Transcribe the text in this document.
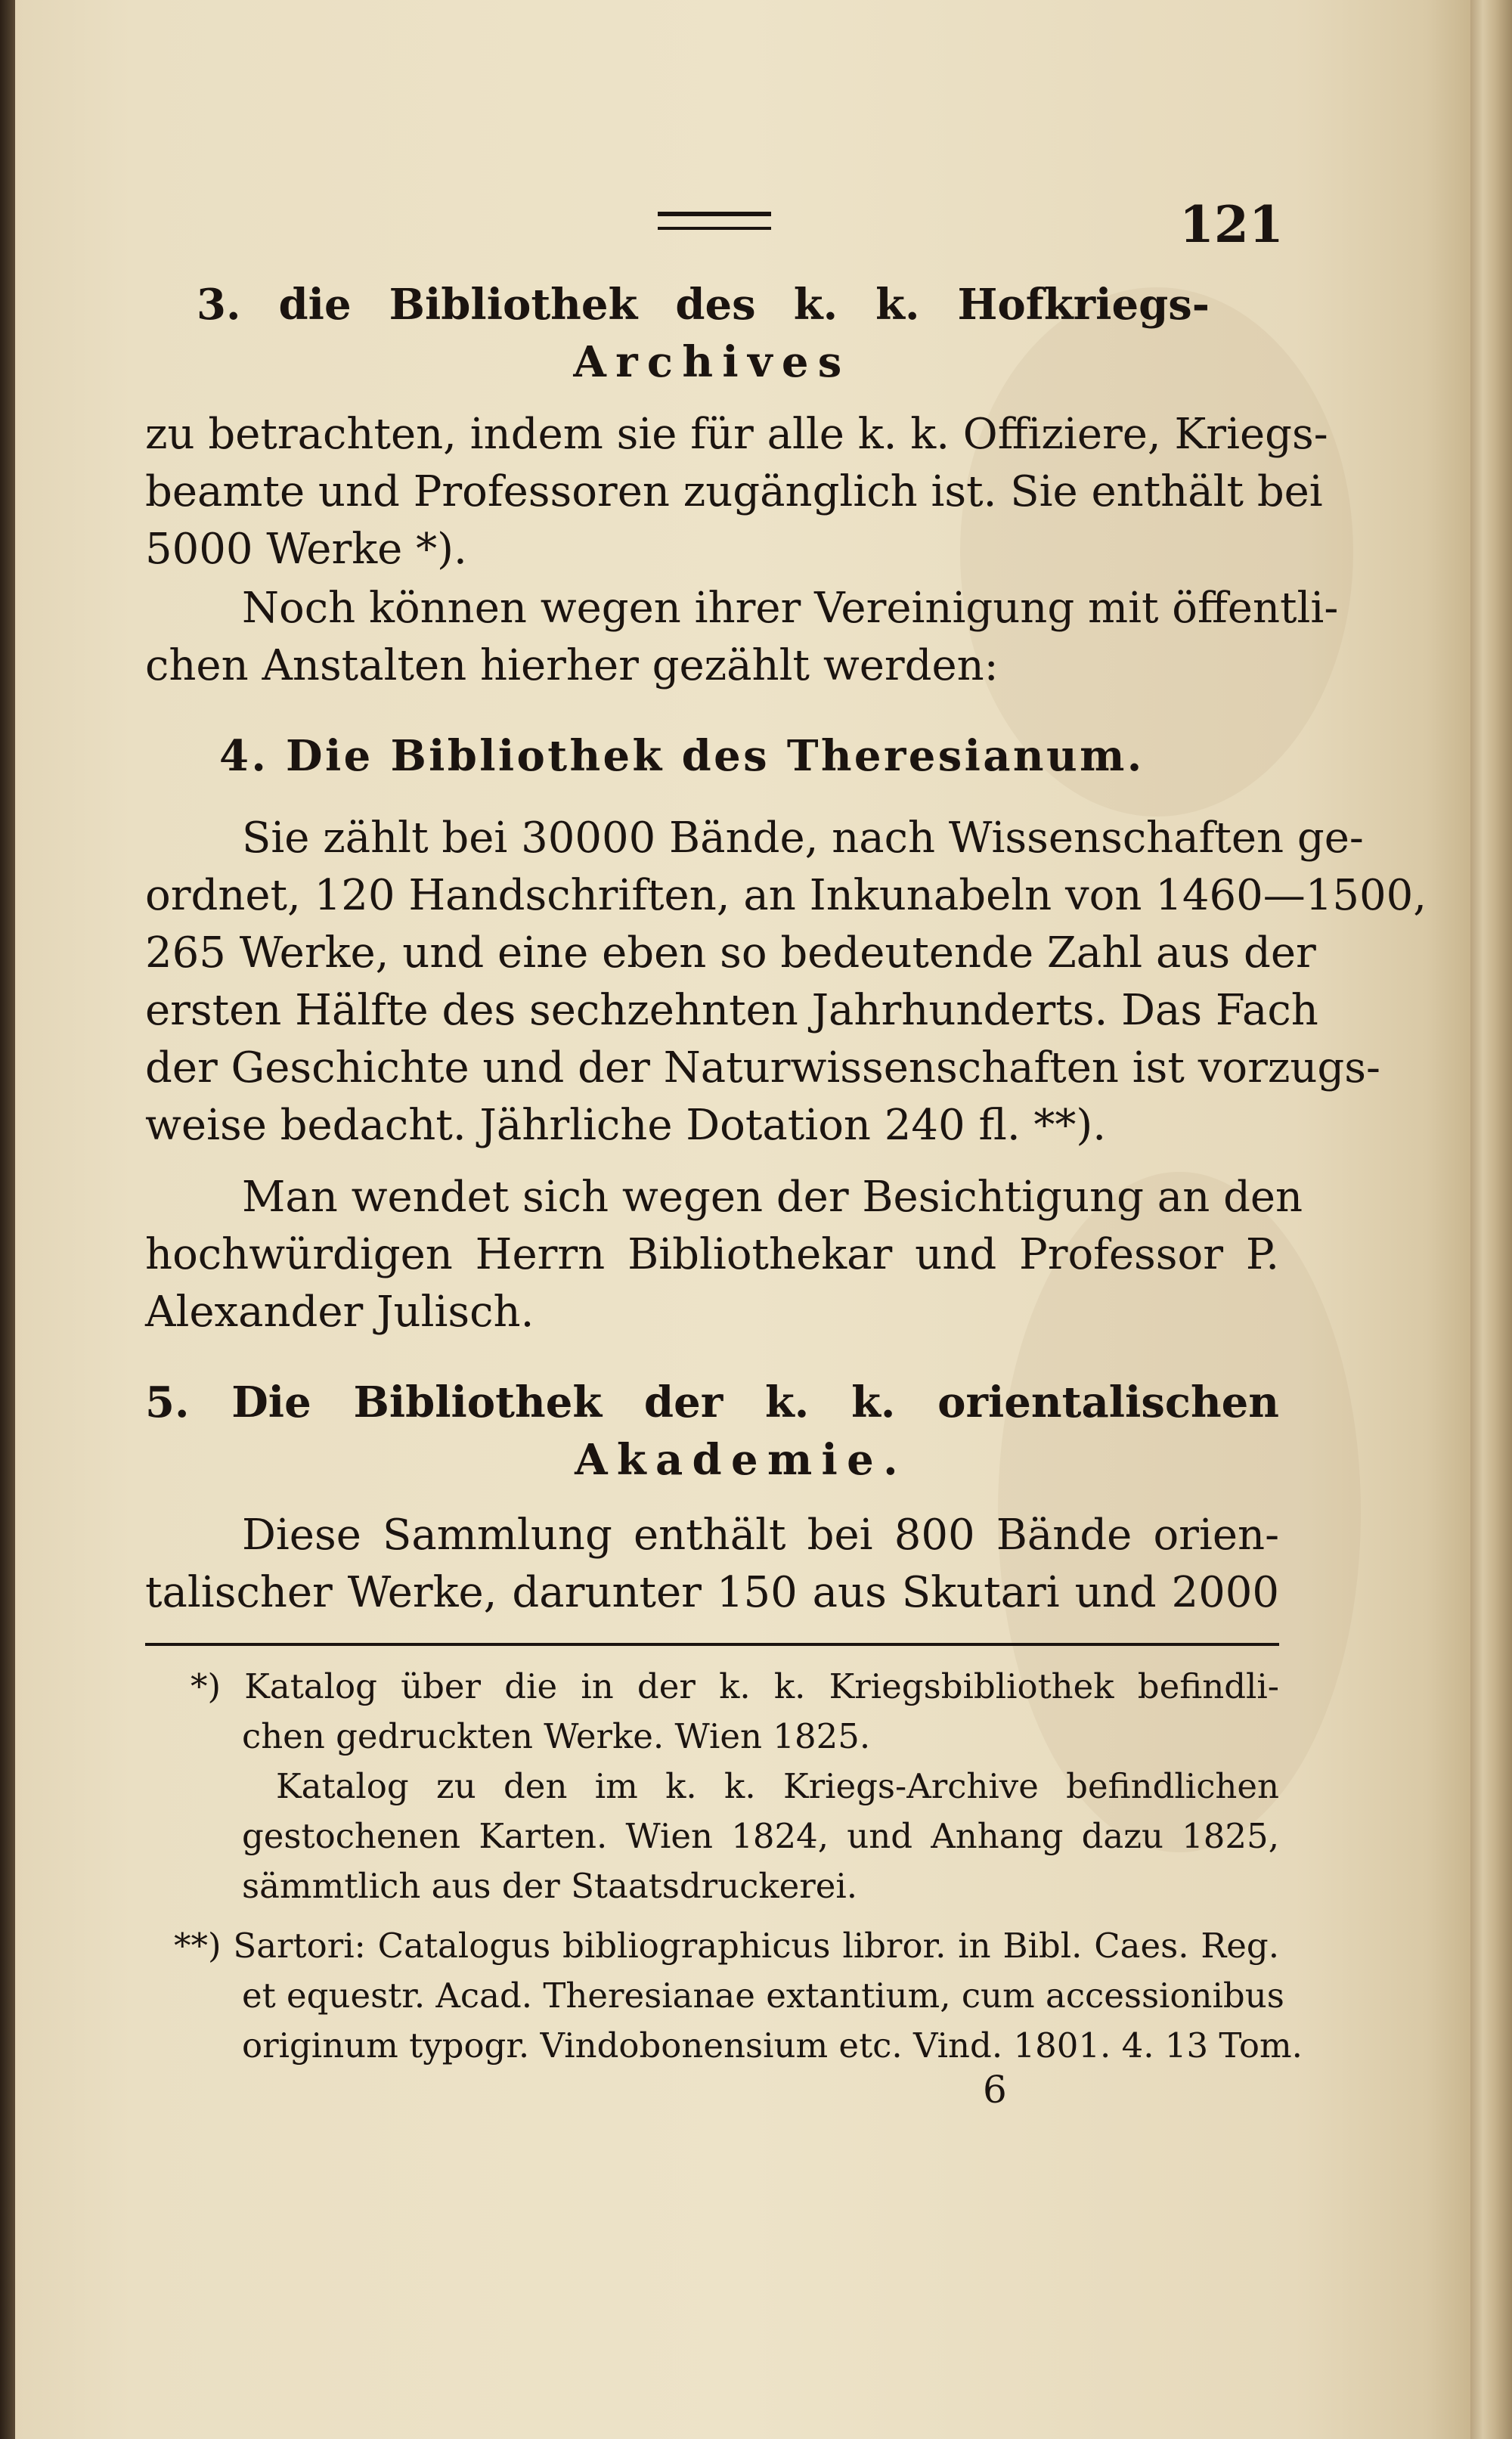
121
3. die Bibliothek des k. k. Hofkriegs-
Archives
zu betrachten, indem sie für alle k. k. Offiziere, Kriegs-
beamte und Professoren zugänglich ist. Sie enthält bei
5000 Werke *).
Noch können wegen ihrer Vereinigung mit öffentli-
chen Anstalten hierher gezählt werden:
4. Die Bibliothek des Theresianum.
Sie zählt bei 30000 Bände, nach Wissenschaften ge-
ordnet, 120 Handschriften, an Inkunabeln von 1460—1500,
265 Werke, und eine eben so bedeutende Zahl aus der
ersten Hälfte des sechzehnten Jahrhunderts. Das Fach
der Geschichte und der Naturwissenschaften ist vorzugs-
weise bedacht. Jährliche Dotation 240 fl. **).
Man wendet sich wegen der Besichtigung an den
hochwürdigen Herrn Bibliothekar und Professor P.
Alexander Julisch.
5. Die Bibliothek der k. k. orientalischen
Akademie.
Diese Sammlung enthält bei 800 Bände orien-
talischer Werke, darunter 150 aus Skutari und 2000
*) Katalog über die in der k. k. Kriegsbibliothek befindli-
chen gedruckten Werke. Wien 1825.
Katalog zu den im k. k. Kriegs-Archive befindlichen
gestochenen Karten. Wien 1824, und Anhang dazu 1825,
sämmtlich aus der Staatsdruckerei.
**) Sartori: Catalogus bibliographicus libror. in Bibl. Caes. Reg.
et equestr. Acad. Theresianae extantium, cum accessionibus
originum typogr. Vindobonensium etc. Vind. 1801. 4. 13 Tom.
6
